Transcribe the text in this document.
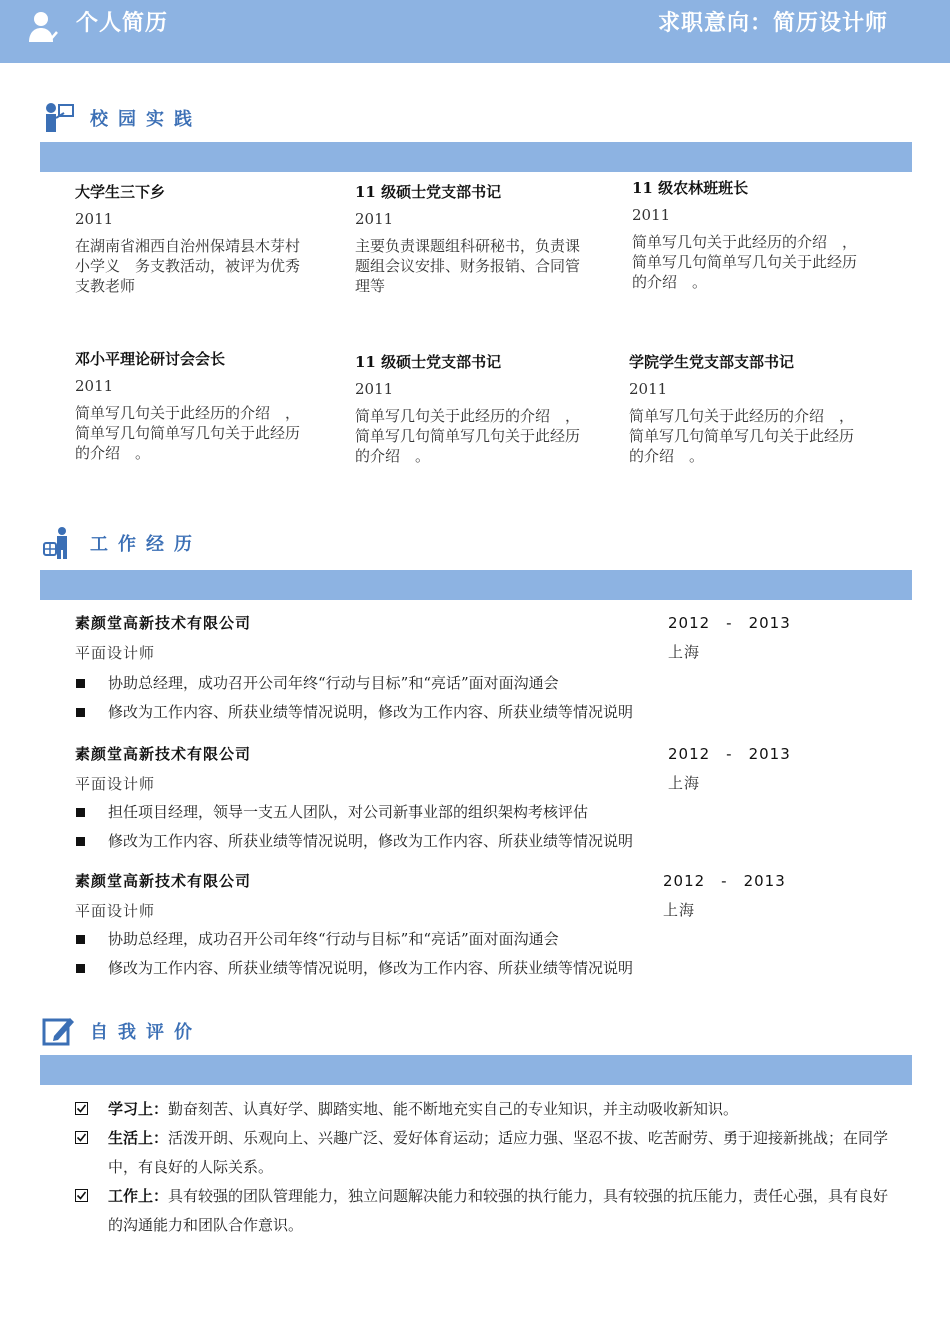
个人简历	求职意向：简历设计师
校园实践
大学生三下乡
2011
在湖南省湘西自治州保靖县木芽村小学义　务支教活动，被评为优秀支教老师
11 级硕士党支部书记
2011
主要负责课题组科研秘书，负责课题组会议安排、财务报销、合同管理等
11 级农林班班长
2011
简单写几句关于此经历的介绍　，简单写几句简单写几句关于此经历的介绍　。
邓小平理论研讨会会长
2011
简单写几句关于此经历的介绍　，简单写几句简单写几句关于此经历的介绍　。
11 级硕士党支部书记
2011
简单写几句关于此经历的介绍　，简单写几句简单写几句关于此经历的介绍　。
学院学生党支部支部书记
2011
简单写几句关于此经历的介绍　，简单写几句简单写几句关于此经历的介绍　。
工作经历
素颜堂高新技术有限公司	2012　-　2013
平面设计师	上海
协助总经理，成功召开公司年终“行动与目标”和“亮话”面对面沟通会
修改为工作内容、所获业绩等情况说明，修改为工作内容、所获业绩等情况说明
素颜堂高新技术有限公司	2012　-　2013
平面设计师	上海
担任项目经理，领导一支五人团队，对公司新事业部的组织架构考核评估
修改为工作内容、所获业绩等情况说明，修改为工作内容、所获业绩等情况说明
素颜堂高新技术有限公司	2012　-　2013
平面设计师	上海
协助总经理，成功召开公司年终“行动与目标”和“亮话”面对面沟通会
修改为工作内容、所获业绩等情况说明，修改为工作内容、所获业绩等情况说明
自我评价
学习上：勤奋刻苦、认真好学、脚踏实地、能不断地充实自己的专业知识，并主动吸收新知识。
生活上：活泼开朗、乐观向上、兴趣广泛、爱好体育运动；适应力强、坚忍不拔、吃苦耐劳、勇于迎接新挑战；在同学中，有良好的人际关系。
工作上：具有较强的团队管理能力，独立问题解决能力和较强的执行能力，具有较强的抗压能力，责任心强，具有良好的沟通能力和团队合作意识。
